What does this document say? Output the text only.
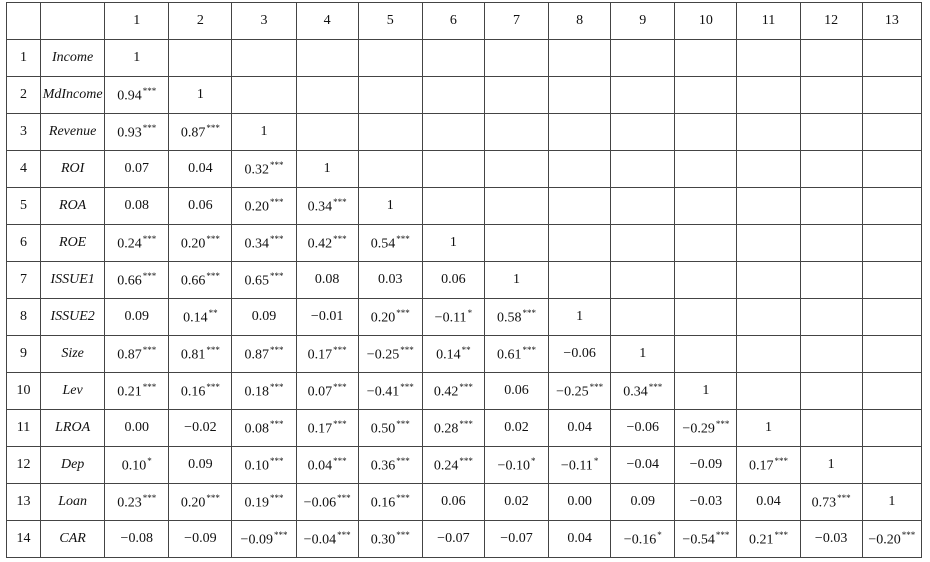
		1	2	3	4	5	6	7	8	9	10	11	12	13
1	Income	1												
2	MdIncome	0.94***	1											
3	Revenue	0.93***	0.87***	1										
4	ROI	0.07	0.04	0.32***	1									
5	ROA	0.08	0.06	0.20***	0.34***	1								
6	ROE	0.24***	0.20***	0.34***	0.42***	0.54***	1							
7	ISSUE1	0.66***	0.66***	0.65***	0.08	0.03	0.06	1						
8	ISSUE2	0.09	0.14**	0.09	−0.01	0.20***	−0.11*	0.58***	1					
9	Size	0.87***	0.81***	0.87***	0.17***	−0.25***	0.14**	0.61***	−0.06	1				
10	Lev	0.21***	0.16***	0.18***	0.07***	−0.41***	0.42***	0.06	−0.25***	0.34***	1			
11	LROA	0.00	−0.02	0.08***	0.17***	0.50***	0.28***	0.02	0.04	−0.06	−0.29***	1		
12	Dep	0.10*	0.09	0.10***	0.04***	0.36***	0.24***	−0.10*	−0.11*	−0.04	−0.09	0.17***	1	
13	Loan	0.23***	0.20***	0.19***	−0.06***	0.16***	0.06	0.02	0.00	0.09	−0.03	0.04	0.73***	1
14	CAR	−0.08	−0.09	−0.09***	−0.04***	0.30***	−0.07	−0.07	0.04	−0.16*	−0.54***	0.21***	−0.03	−0.20***
